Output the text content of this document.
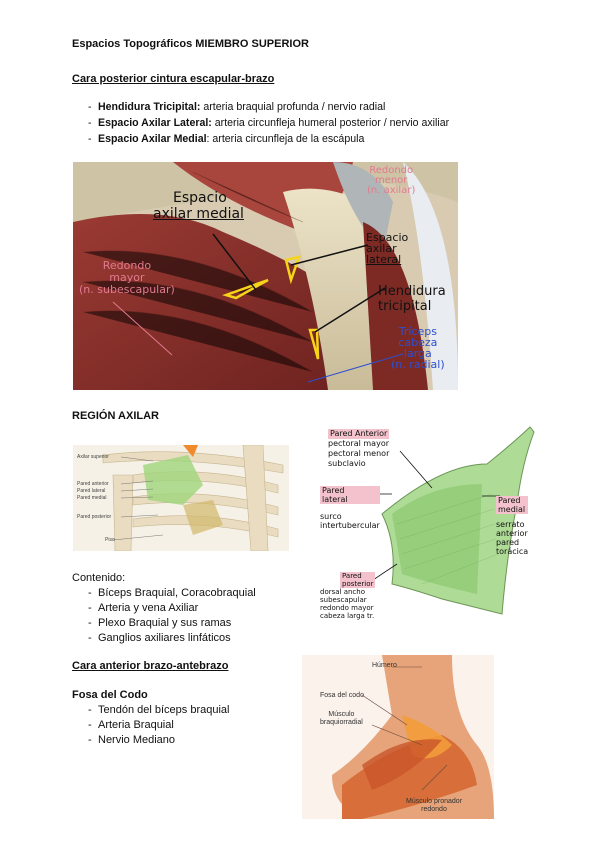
Espacios Topográficos MIEMBRO SUPERIOR
Cara posterior cintura escapular-brazo
- Hendidura Tricipital: arteria braquial profunda / nervio radial
- Espacio Axilar Lateral: arteria circunfleja humeral posterior / nervio axiliar
- Espacio Axilar Medial: arteria circunfleja de la escápula
Espacio
axilar medial
Espacio
axilar
lateral
Hendidura
tricipital
Redondo
menor
(n. axilar)
Redondo
mayor
(n. subescapular)
Tríceps
cabeza
larga
(n. radial)
REGIÓN AXILAR
Axilar superior
Pared anterior
Pared lateral
Pared medial
Pared posterior
Piso
Pared Anterior
pectoral mayor
pectoral menor
subclavio
Pared
lateral
surco
intertubercular
Pared
medial
serrato
anterior
pared
torácica
Pared
posterior
dorsal ancho
subescapular
redondo mayor
cabeza larga tr.
Contenido:
- Bíceps Braquial, Coracobraquial
- Arteria y vena Axiliar
- Plexo Braquial y sus ramas
- Ganglios axiliares linfáticos
Cara anterior brazo-antebrazo
Fosa del Codo
- Tendón del bíceps braquial
- Arteria Braquial
- Nervio Mediano
Húmero
Fosa del codo
Músculo
braquiorradial
Músculo pronador
redondo
